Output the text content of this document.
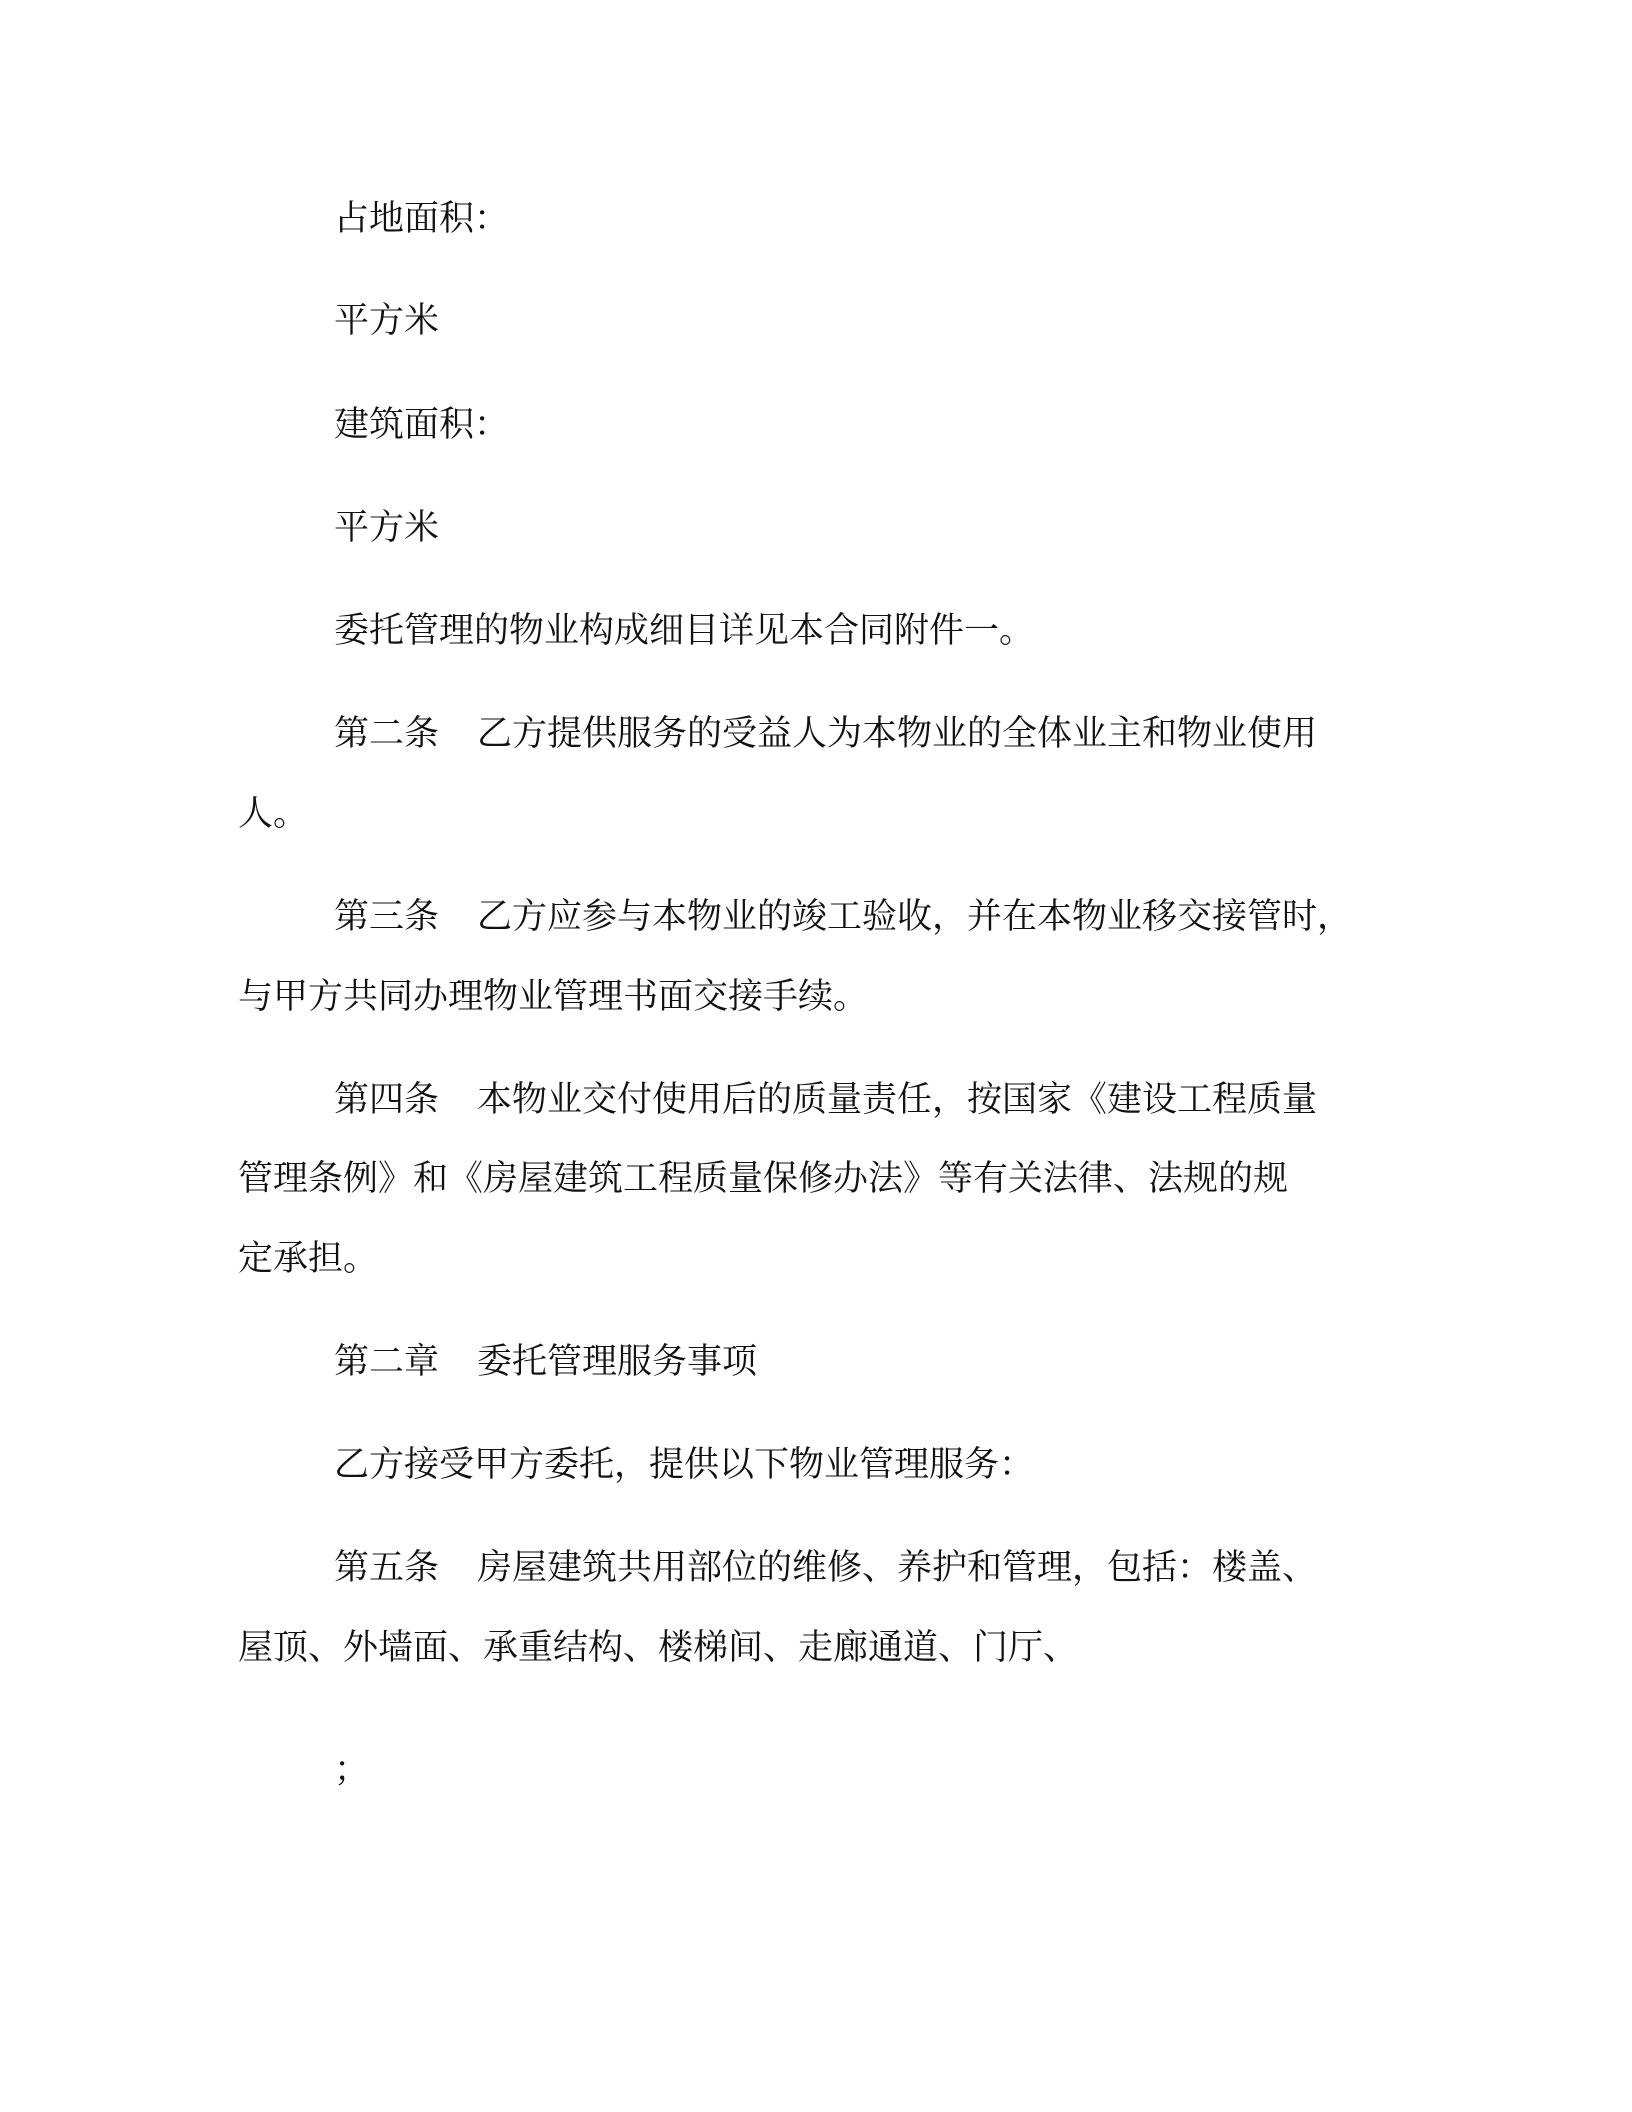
占地面积：
平方米
建筑面积：
平方米
委托管理的物业构成细目详见本合同附件一。
第二条 乙方提供服务的受益人为本物业的全体业主和物业使用
人。
第三条 乙方应参与本物业的竣工验收，并在本物业移交接管时，
与甲方共同办理物业管理书面交接手续。
第四条 本物业交付使用后的质量责任，按国家《建设工程质量
管理条例》和《房屋建筑工程质量保修办法》等有关法律、法规的规
定承担。
第二章 委托管理服务事项
乙方接受甲方委托，提供以下物业管理服务：
第五条 房屋建筑共用部位的维修、养护和管理，包括：楼盖、
屋顶、外墙面、承重结构、楼梯间、走廊通道、门厅、
；
